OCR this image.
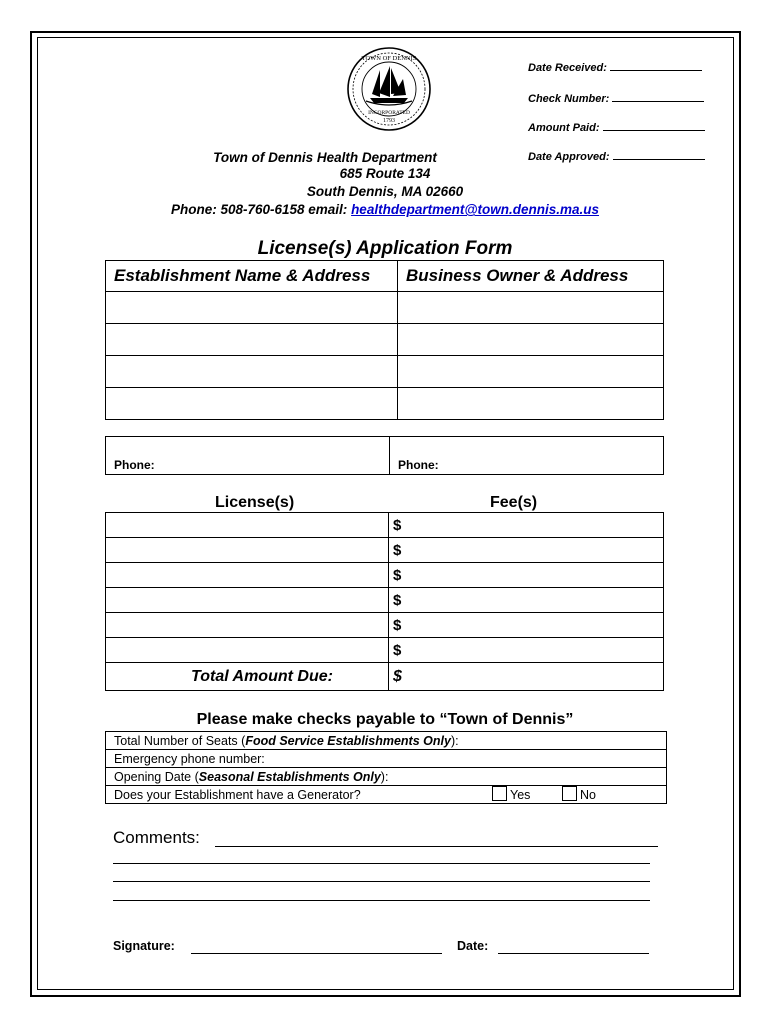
TOWN OF DENNIS
INCORPORATED
1793
Date Received:
Check Number:
Amount Paid:
Date Approved:
Town of Dennis Health Department
685 Route 134
South Dennis, MA 02660
Phone: 508-760-6158 email: healthdepartment@town.dennis.ma.us
License(s) Application Form
Establishment Name & Address	Business Owner & Address

Phone:	Phone:
License(s)	Fee(s)
	$
	$
	$
	$
	$
	$
Total Amount Due:	$
Please make checks payable to “Town of Dennis”
Total Number of Seats (Food Service Establishments Only):
Emergency phone number:
Opening Date (Seasonal Establishments Only):
Does your Establishment have a Generator?	Yes	No
Comments:
Signature:	Date:
